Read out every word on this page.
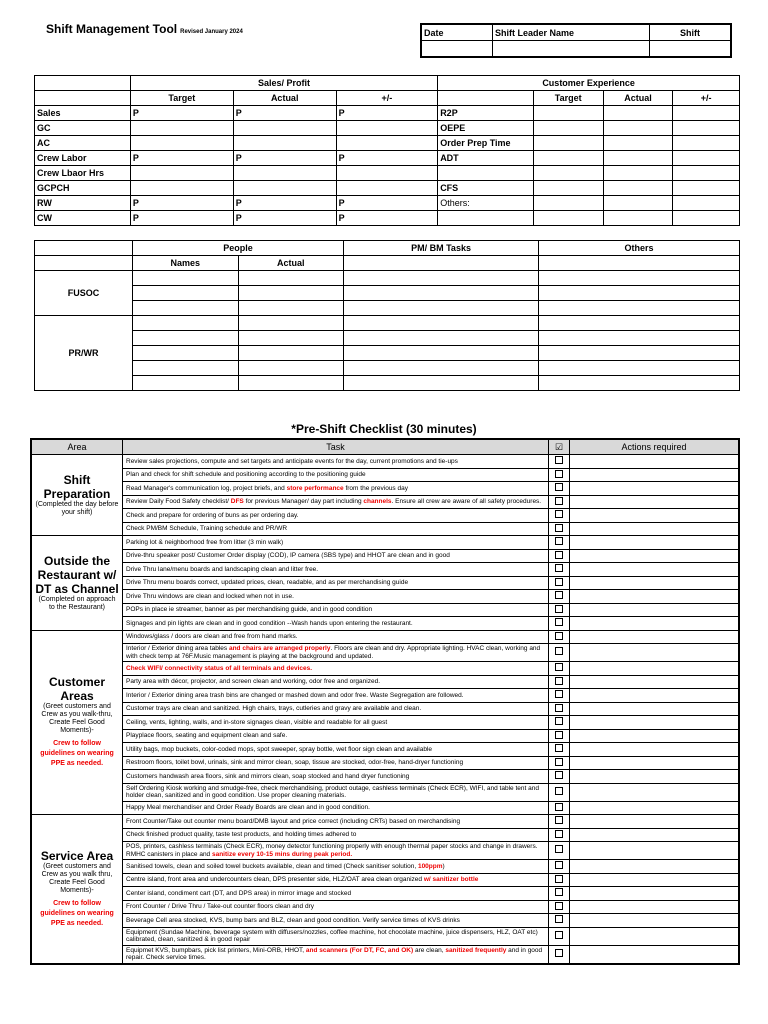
Shift Management Tool Revised January 2024	Date	Shift Leader Name	Shift

	Sales/ Profit			Customer Experience			
	Target	Actual	+/-		Target	Actual	+/-
Sales	P	P	P	R2P			
GC				OEPE			
AC				Order Prep Time			
Crew Labor	P	P	P	ADT			
Crew Lbaor Hrs							
GCPCH				CFS			
RW	P	P	P	Others:			
CW	P	P	P				
	People		PM/ BM Tasks	Others
	Names	Actual		
FUSOC				

PR/WR				

*Pre-Shift Checklist (30 minutes)
Area	Task	☑	Actions required

Shift Preparation
(Completed the day before your shift)	Review sales projections, compute and set targets and anticipate events for the day, current promotions and tie-ups		
	Plan and check for shift schedule and positioning according to the positioning guide		
	Read Manager's communication log, project briefs, and store performance from the previous day		
	Review Daily Food Safety checklist/ DFS for previous Manager/ day part including channels. Ensure all crew are aware of all safety procedures.		
	Check and prepare for ordering of buns as per ordering day.		
	Check PM/BM Schedule, Training schedule and PR/WR		

Outside the Restaurant w/ DT as Channel
(Completed on approach to the Restaurant)	Parking lot & neighborhood free from litter (3 min walk)		
	Drive-thru speaker post/ Customer Order display (COD), IP camera (SBS type) and HHOT are clean and in good		
	Drive Thru lane/menu boards and landscaping clean and litter free.		
	Drive Thru menu boards correct, updated prices, clean, readable, and as per merchandising guide		
	Drive Thru windows are clean and locked when not in use.		
	POPs in place ie streamer, banner as per merchandising guide, and in good condition		
	Signages and pin lights are clean and in good condition --Wash hands upon entering the restaurant.		

Customer Areas
(Greet customers and Crew as you walk-thru, Create Feel Good Moments)-
Crew to follow guidelines on wearing PPE as needed.	Windows/glass / doors are clean and free from hand marks.		
	Interior / Exterior dining area tables and chairs are arranged properly. Floors are clean and dry. Appropriate lighting. HVAC clean, working and with check temp at 76F.Music management is playing at the background and updated.		
	Check WIFI/ connectivity status of all terminals and devices.		
	Party area with décor, projector, and screen clean and working, odor free and organized.		
	Interior / Exterior dining area trash bins are changed or mashed down and odor free. Waste Segregation are followed.		
	Customer trays are clean and sanitized. High chairs, trays, cutleries and gravy are available and clean.		
	Ceiling, vents, lighting, walls, and in-store signages clean, visible and readable for all guest		
	Playplace floors, seating and equipment clean and safe.		
	Utility bags, mop buckets, color-coded mops, spot sweeper, spray bottle, wet floor sign clean and available		
	Restroom floors, toilet bowl, urinals, sink and mirror clean, soap, tissue are stocked, odor-free, hand-dryer functioning		
	Customers handwash area floors, sink and mirrors clean, soap stocked and hand dryer functioning		
	Self Ordering Kiosk working and smudge-free, check merchandising, product outage, cashless terminals (Check ECR), WIFI, and table tent and holder clean, sanitized and in good condition. Use proper cleaning materials.		
	Happy Meal merchandiser and Order Ready Boards are clean and in good condition.		

Service Area
(Greet customers and Crew as you walk thru, Create Feel Good Moments)-
Crew to follow guidelines on wearing PPE as needed.	Front Counter/Take out counter menu board/DMB layout and price correct (including CRTs) based on merchandising		
	Check finished product quality, taste test products, and holding times adhered to		
	POS, printers, cashless terminals (Check ECR), money detector functioning properly with enough thermal paper stocks and change in drawers. RMHC canisters in place and sanitize every 10-15 mins during peak period.		
	Sanitised towels, clean and soiled towel buckets available, clean and timed (Check sanitiser solution, 100ppm)		
	Centre island, front area and undercounters clean, DPS presenter side, HLZ/OAT area clean organized w/ sanitizer bottle		
	Center island, condiment cart (DT, and DPS area) in mirror image and stocked		
	Front Counter / Drive Thru / Take-out counter floors clean and dry		
	Beverage Cell area stocked, KVS, bump bars and BLZ, clean and good condition. Verify service times of KVS drinks		
	Equipment (Sundae Machine, beverage system with diffusers/nozzles, coffee machine, hot chocolate machine, juice dispensers, HLZ, OAT etc) calibrated, clean, sanitized & in good repair		
	Equipmet KVS, bumpbars, pick list printers, Mini-ORB, HHOT, and scanners (For DT, FC, and OK) are clean, sanitized frequently and in good repair. Check service times.		
